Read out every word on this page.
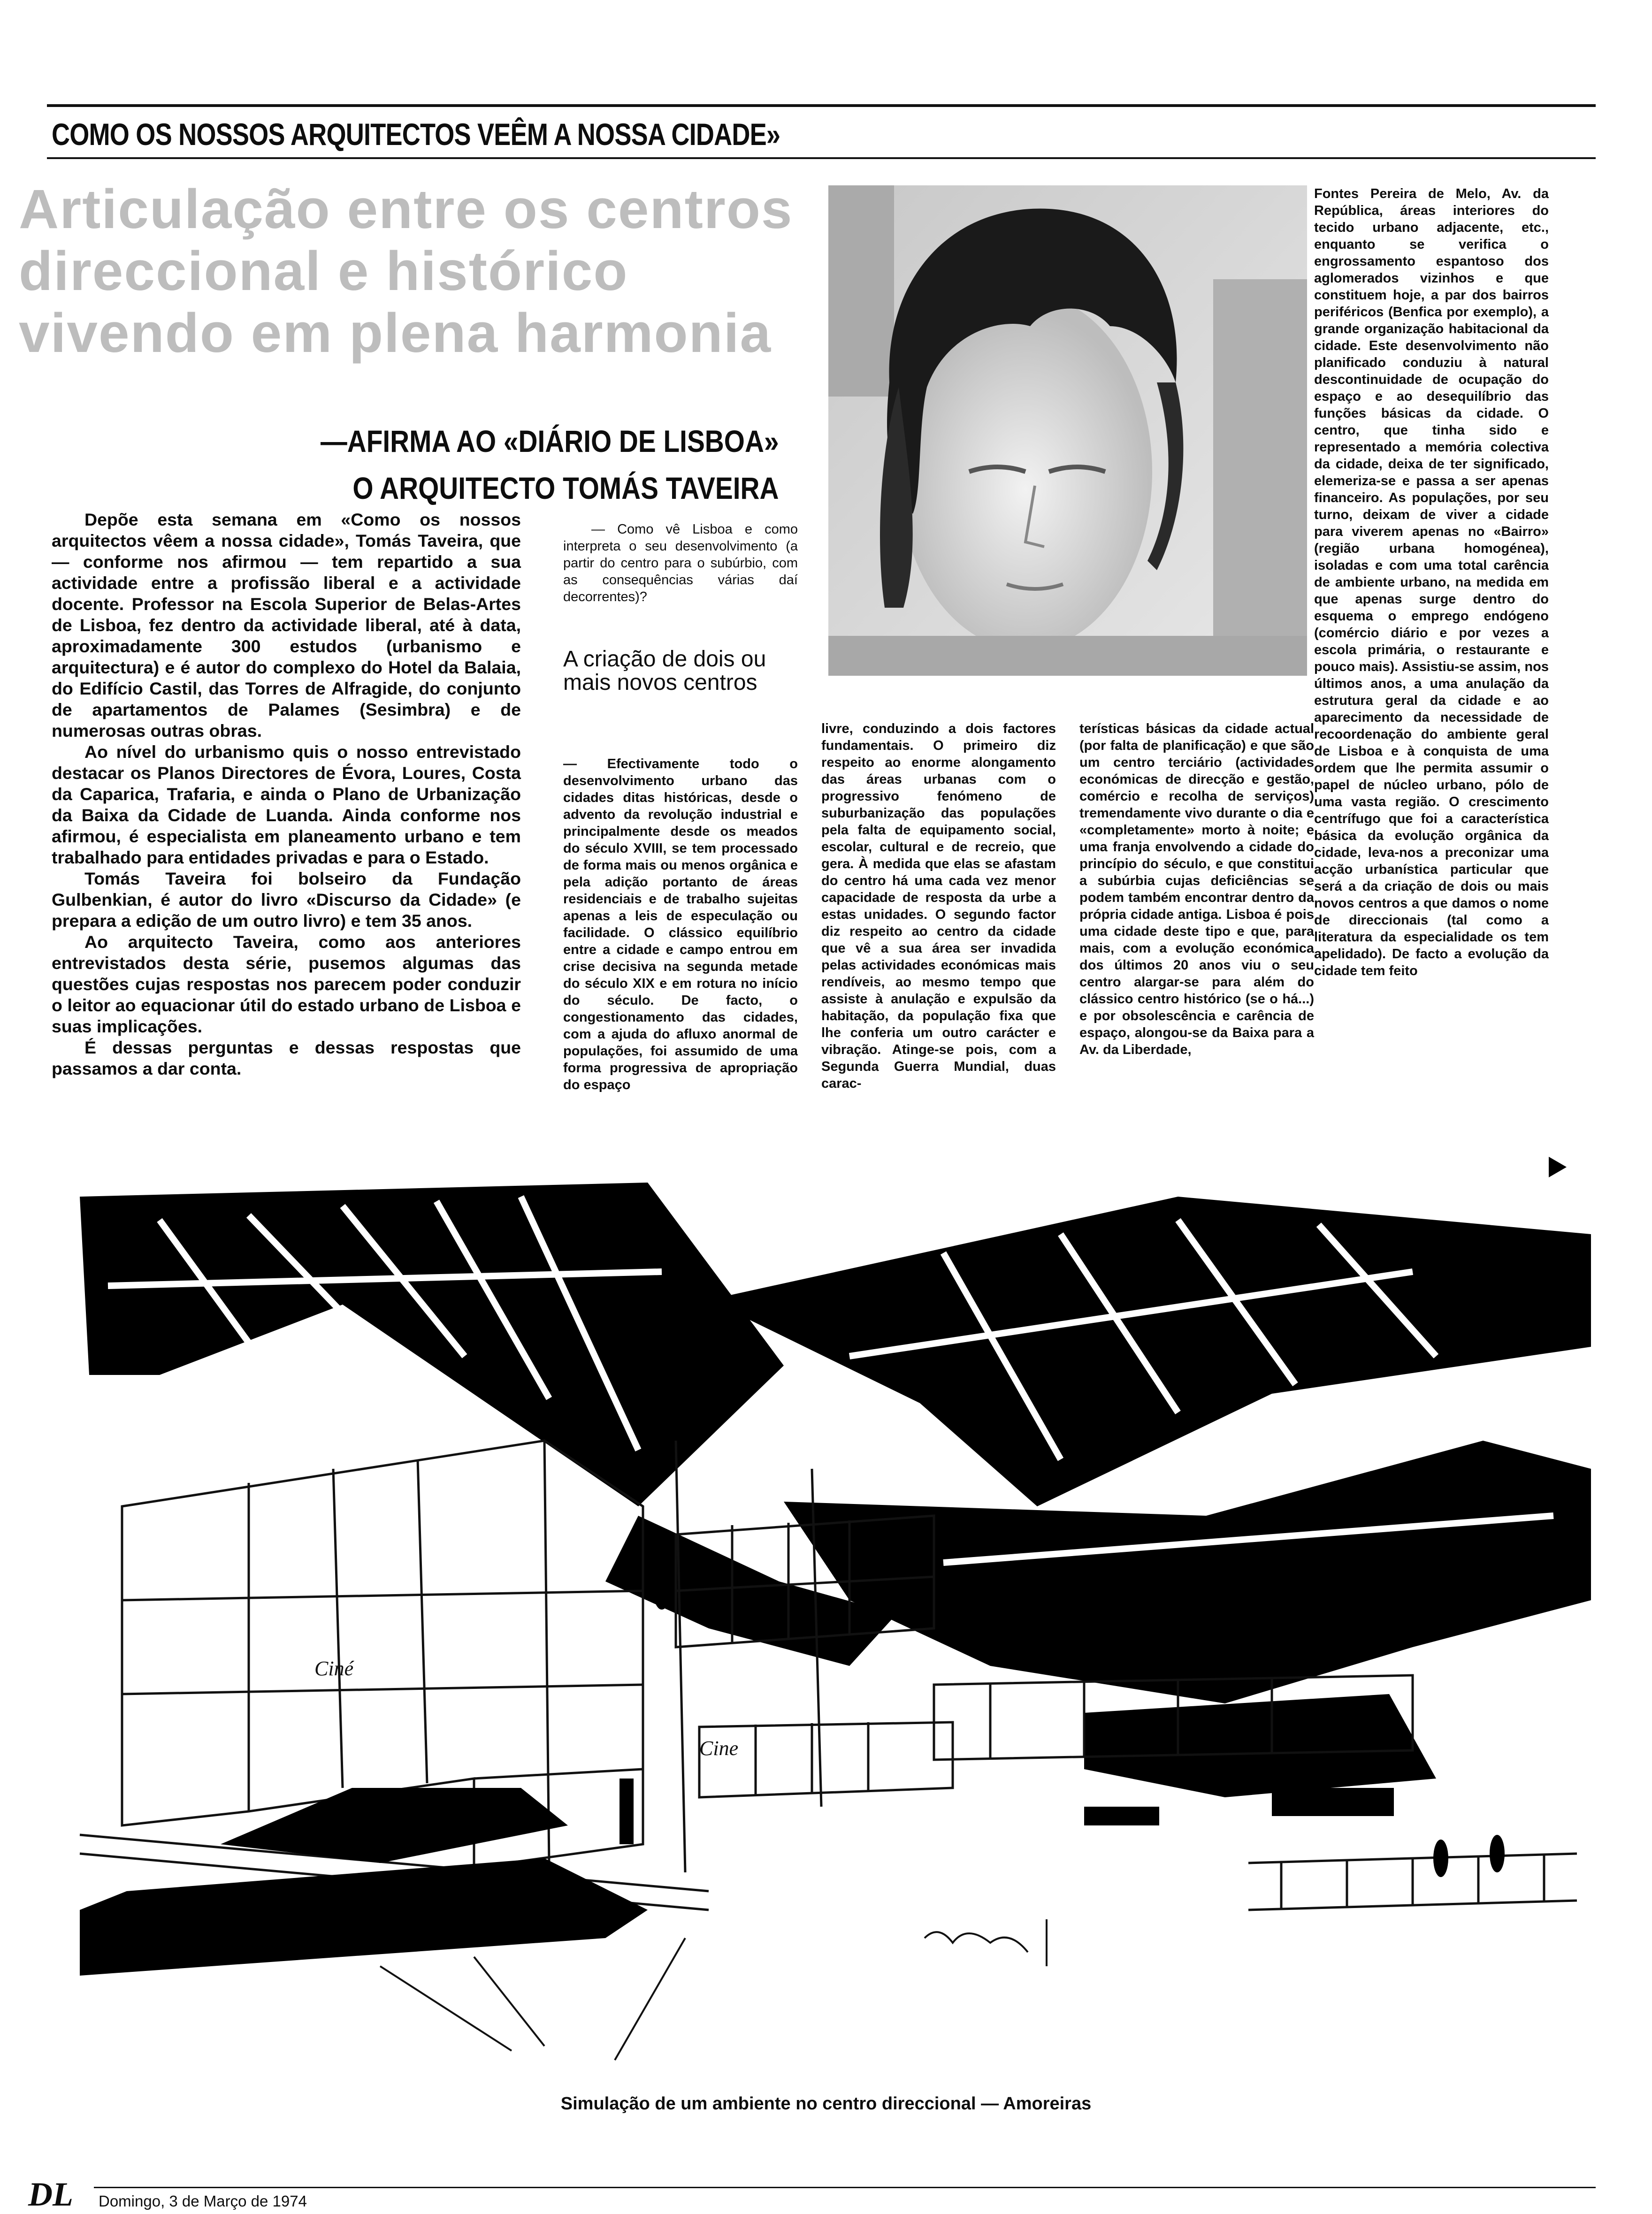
COMO OS NOSSOS ARQUITECTOS VEÊM A NOSSA CIDADE»
Articulação entre os centros
direccional e histórico
vivendo em plena harmonia
—AFIRMA AO «DIÁRIO DE LISBOA»
O ARQUITECTO TOMÁS TAVEIRA

Depõe esta semana em «Como os nossos arquitectos vêem a nossa cidade», Tomás Taveira, que — conforme nos afirmou — tem repartido a sua actividade entre a profissão liberal e a actividade docente. Professor na Escola Superior de Belas-Artes de Lisboa, fez dentro da actividade liberal, até à data, aproximadamente 300 estudos (urbanismo e arquitectura) e é autor do complexo do Hotel da Balaia, do Edifício Castil, das Torres de Alfragide, do conjunto de apartamentos de Palames (Sesimbra) e de numerosas outras obras.

Ao nível do urbanismo quis o nosso entrevistado destacar os Planos Directores de Évora, Loures, Costa da Caparica, Trafaria, e ainda o Plano de Urbanização da Baixa da Cidade de Luanda. Ainda conforme nos afirmou, é especialista em planeamento urbano e tem trabalhado para entidades privadas e para o Estado.

Tomás Taveira foi bolseiro da Fundação Gulbenkian, é autor do livro «Discurso da Cidade» (e prepara a edição de um outro livro) e tem 35 anos.

Ao arquitecto Taveira, como aos anteriores entrevistados desta série, pusemos algumas das questões cujas respostas nos parecem poder conduzir o leitor ao equacionar útil do estado urbano de Lisboa e suas implicações.

É dessas perguntas e dessas respostas que passamos a dar conta.

— Como vê Lisboa e como interpreta o seu desenvolvimento (a partir do centro para o subúrbio, com as consequências várias daí decorrentes)?
A criação de dois ou mais novos centros
— Efectivamente todo o desenvolvimento urbano das cidades ditas históricas, desde o advento da revolução industrial e principalmente desde os meados do século XVIII, se tem processado de forma mais ou menos orgânica e pela adição portanto de áreas residenciais e de trabalho sujeitas apenas a leis de especulação ou facilidade. O clássico equilíbrio entre a cidade e campo entrou em crise decisiva na segunda metade do século XIX e em rotura no início do século. De facto, o congestionamento das cidades, com a ajuda do afluxo anormal de populações, foi assumido de uma forma progressiva de apropriação do espaço
livre, conduzindo a dois factores fundamentais. O primeiro diz respeito ao enorme alongamento das áreas urbanas com o progressivo fenómeno de suburbanização das populações pela falta de equipamento social, escolar, cultural e de recreio, que gera. À medida que elas se afastam do centro há uma cada vez menor capacidade de resposta da urbe a estas unidades. O segundo factor diz respeito ao centro da cidade que vê a sua área ser invadida pelas actividades económicas mais rendíveis, ao mesmo tempo que assiste à anulação e expulsão da habitação, da população fixa que lhe conferia um outro carácter e vibração. Atinge-se pois, com a Segunda Guerra Mundial, duas carac-
terísticas básicas da cidade actual (por falta de planificação) e que são um centro terciário (actividades económicas de direcção e gestão, comércio e recolha de serviços) tremendamente vivo durante o dia e «completamente» morto à noite; e uma franja envolvendo a cidade do princípio do século, e que constitui a subúrbia cujas deficiências se podem também encontrar dentro da própria cidade antiga. Lisboa é pois uma cidade deste tipo e que, para mais, com a evolução económica dos últimos 20 anos viu o seu centro alargar-se para além do clássico centro histórico (se o há...) e por obsolescência e carência de espaço, alongou-se da Baixa para a Av. da Liberdade,
Fontes Pereira de Melo, Av. da República, áreas interiores do tecido urbano adjacente, etc., enquanto se verifica o engrossamento espantoso dos aglomerados vizinhos e que constituem hoje, a par dos bairros periféricos (Benfica por exemplo), a grande organização habitacional da cidade. Este desenvolvimento não planificado conduziu à natural descontinuidade de ocupação do espaço e ao desequilíbrio das funções básicas da cidade. O centro, que tinha sido e representado a memória colectiva da cidade, deixa de ter significado, elemeriza-se e passa a ser apenas financeiro. As populações, por seu turno, deixam de viver a cidade para viverem apenas no «Bairro» (região urbana homogénea), isoladas e com uma total carência de ambiente urbano, na medida em que apenas surge dentro do esquema o emprego endógeno (comércio diário e por vezes a escola primária, o restaurante e pouco mais). Assistiu-se assim, nos últimos anos, a uma anulação da estrutura geral da cidade e ao aparecimento da necessidade de recoordenação do ambiente geral de Lisboa e à conquista de uma ordem que lhe permita assumir o papel de núcleo urbano, pólo de uma vasta região. O crescimento centrífugo que foi a característica básica da evolução orgânica da cidade, leva-nos a preconizar uma acção urbanística particular que será a da criação de dois ou mais novos centros a que damos o nome de direccionais (tal como a literatura da especialidade os tem apelidado). De facto a evolução da cidade tem feito
Cine
Ciné
Simulação de um ambiente no centro direccional — Amoreiras
DL Domingo, 3 de Março de 1974
